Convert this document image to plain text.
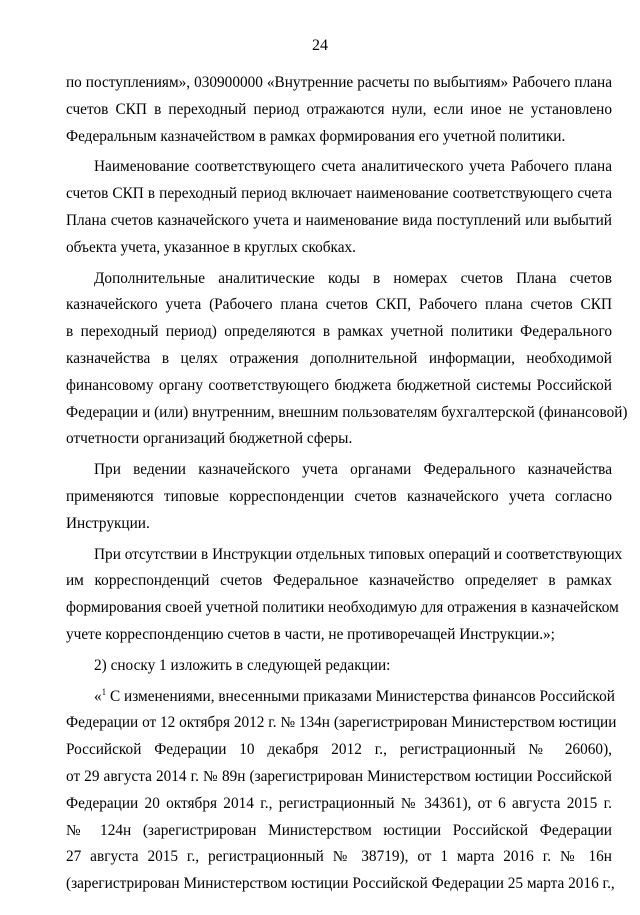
24
по поступлениям», 030900000 «Внутренние расчеты по выбытиям» Рабочего плана
счетов СКП в переходный период отражаются нули, если иное не установлено
Федеральным казначейством в рамках формирования его учетной политики.
Наименование соответствующего счета аналитического учета Рабочего плана
счетов СКП в переходный период включает наименование соответствующего счета
Плана счетов казначейского учета и наименование вида поступлений или выбытий
объекта учета, указанное в круглых скобках.
Дополнительные аналитические коды в номерах счетов Плана счетов
казначейского учета (Рабочего плана счетов СКП, Рабочего плана счетов СКП
в переходный период) определяются в рамках учетной политики Федерального
казначейства в целях отражения дополнительной информации, необходимой
финансовому органу соответствующего бюджета бюджетной системы Российской
Федерации и (или) внутренним, внешним пользователям бухгалтерской (финансовой)
отчетности организаций бюджетной сферы.
При ведении казначейского учета органами Федерального казначейства
применяются типовые корреспонденции счетов казначейского учета согласно
Инструкции.
При отсутствии в Инструкции отдельных типовых операций и соответствующих
им корреспонденций счетов Федеральное казначейство определяет в рамках
формирования своей учетной политики необходимую для отражения в казначейском
учете корреспонденцию счетов в части, не противоречащей Инструкции.»;
2) сноску 1 изложить в следующей редакции:
«$^1$ С изменениями, внесенными приказами Министерства финансов Российской
Федерации от 12 октября 2012 г. № 134н (зарегистрирован Министерством юстиции
Российской Федерации 10 декабря 2012 г., регистрационный № 26060),
от 29 августа 2014 г. № 89н (зарегистрирован Министерством юстиции Российской
Федерации 20 октября 2014 г., регистрационный № 34361), от 6 августа 2015 г.
№ 124н (зарегистрирован Министерством юстиции Российской Федерации
27 августа 2015 г., регистрационный № 38719), от 1 марта 2016 г. № 16н
(зарегистрирован Министерством юстиции Российской Федерации 25 марта 2016 г.,
